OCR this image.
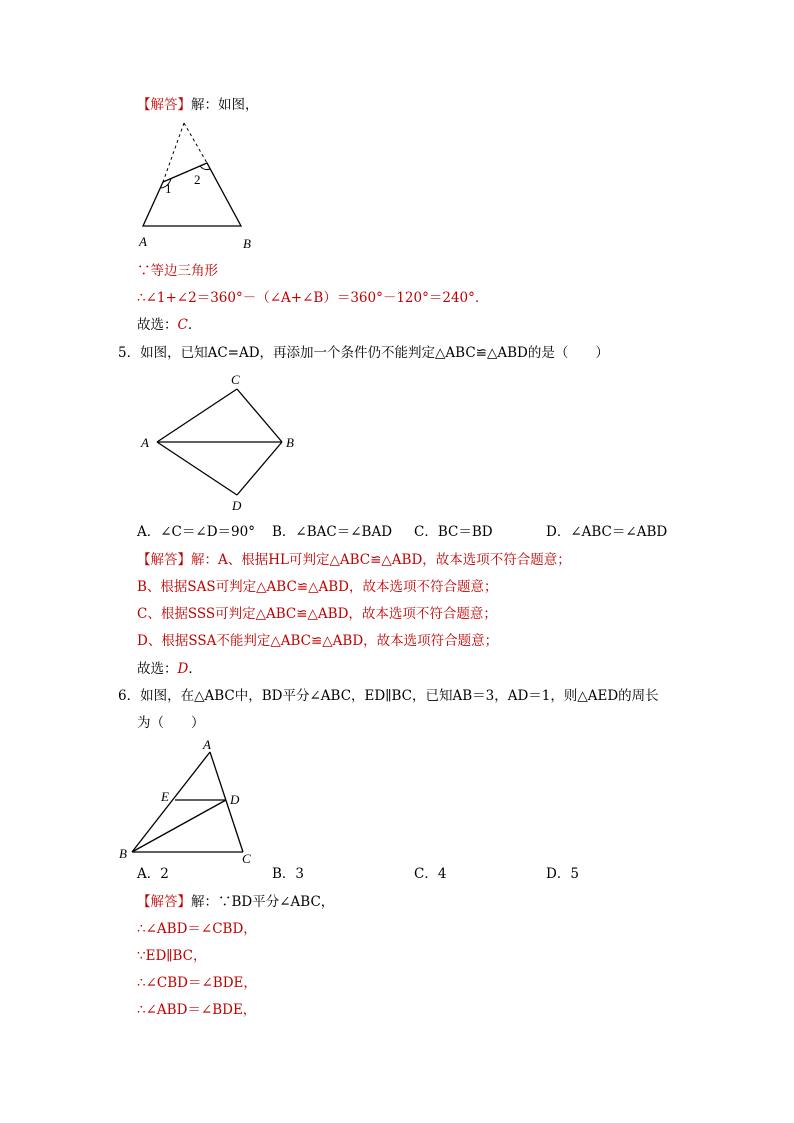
【解答】解：如图，
1
2
A	B
∵等边三角形
∴∠1+∠2＝360°－（∠A+∠B）＝360°－120°＝240°．
故选：C．
5．如图，已知AC=AD，再添加一个条件仍不能判定△ABC≌△ABD的是（　　）
C
A	B
D
A．∠C＝∠D＝90° B．∠BAC＝∠BAD C．BC＝BD	D．∠ABC＝∠ABD
【解答】解：A、根据HL可判定△ABC≌△ABD，故本选项不符合题意；
B、根据SAS可判定△ABC≌△ABD，故本选项不符合题意；
C、根据SSS可判定△ABC≌△ABD，故本选项不符合题意；
D、根据SSA不能判定△ABC≌△ABD，故本选项符合题意；
故选：D．
6．如图，在△ABC中，BD平分∠ABC，ED∥BC，已知AB＝3，AD＝1，则△AED的周长
为（　　）
A
E	D
B	C
A．2	B．3	C．4	D．5
【解答】解：∵BD平分∠ABC，
∴∠ABD＝∠CBD，
∵ED∥BC，
∴∠CBD＝∠BDE，
∴∠ABD＝∠BDE，
